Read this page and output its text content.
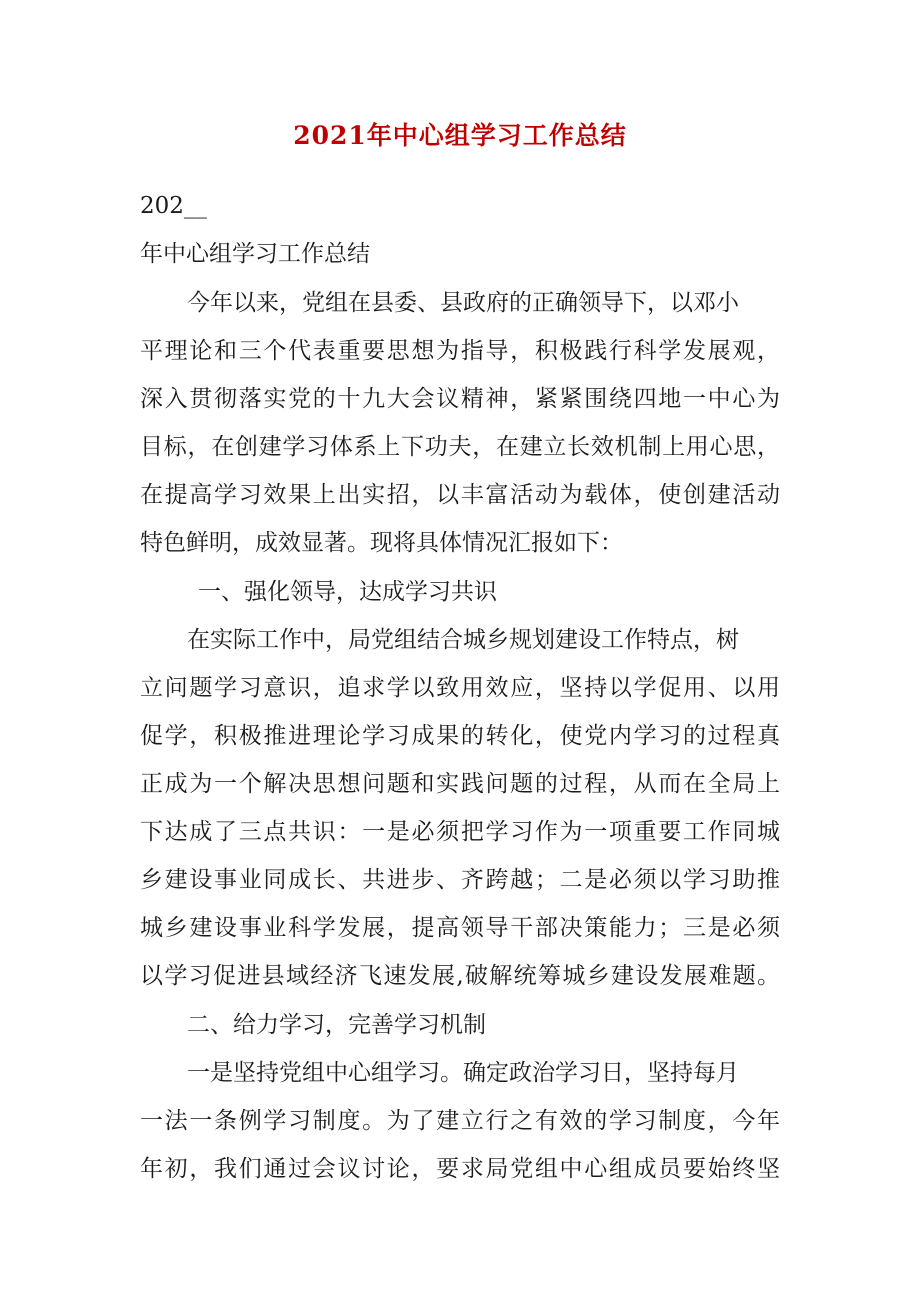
2021年中心组学习工作总结

202__

年中心组学习工作总结

今年以来，党组在县委、县政府的正确领导下，以邓小

平理论和三个代表重要思想为指导，积极践行科学发展观，

深入贯彻落实党的十九大会议精神，紧紧围绕四地一中心为

目标，在创建学习体系上下功夫，在建立长效机制上用心思，

在提高学习效果上出实招，以丰富活动为载体，使创建活动

特色鲜明，成效显著。现将具体情况汇报如下：

一、强化领导，达成学习共识

在实际工作中，局党组结合城乡规划建设工作特点，树

立问题学习意识，追求学以致用效应，坚持以学促用、以用

促学，积极推进理论学习成果的转化，使党内学习的过程真

正成为一个解决思想问题和实践问题的过程，从而在全局上

下达成了三点共识：一是必须把学习作为一项重要工作同城

乡建设事业同成长、共进步、齐跨越；二是必须以学习助推

城乡建设事业科学发展，提高领导干部决策能力；三是必须

以学习促进县域经济飞速发展,破解统筹城乡建设发展难题。

二、给力学习，完善学习机制

一是坚持党组中心组学习。确定政治学习日，坚持每月

一法一条例学习制度。为了建立行之有效的学习制度，今年

年初，我们通过会议讨论，要求局党组中心组成员要始终坚
